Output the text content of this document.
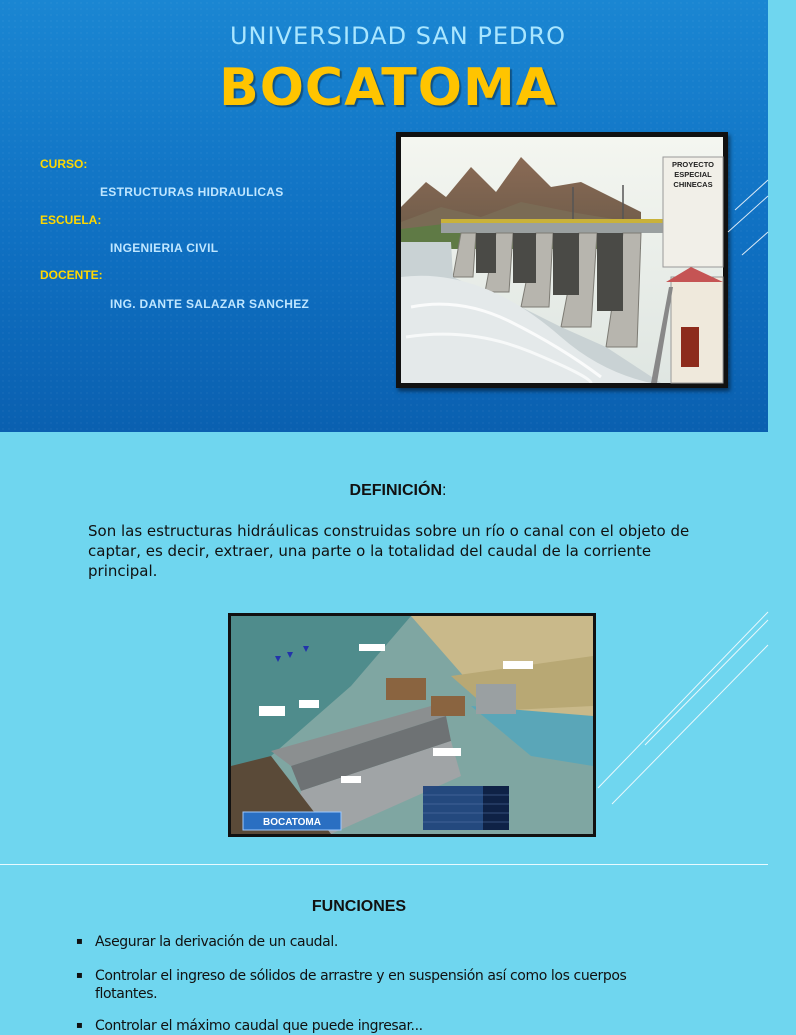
UNIVERSIDAD SAN PEDRO
BOCATOMA
CURSO:
ESTRUCTURAS HIDRAULICAS
ESCUELA:
INGENIERIA CIVIL
DOCENTE:
ING. DANTE SALAZAR SANCHEZ
PROYECTO
ESPECIAL
CHINECAS
DEFINICIÓN:
Son las estructuras hidráulicas construidas sobre un río o canal con el objeto de captar, es decir, extraer, una parte o la totalidad del caudal de la corriente principal.
BOCATOMA
FUNCIONES
▪ Asegurar la derivación de un caudal.
▪ Controlar el ingreso de sólidos de arrastre y en suspensión así como los cuerpos flotantes.
▪ Controlar el máximo caudal que puede ingresar...
